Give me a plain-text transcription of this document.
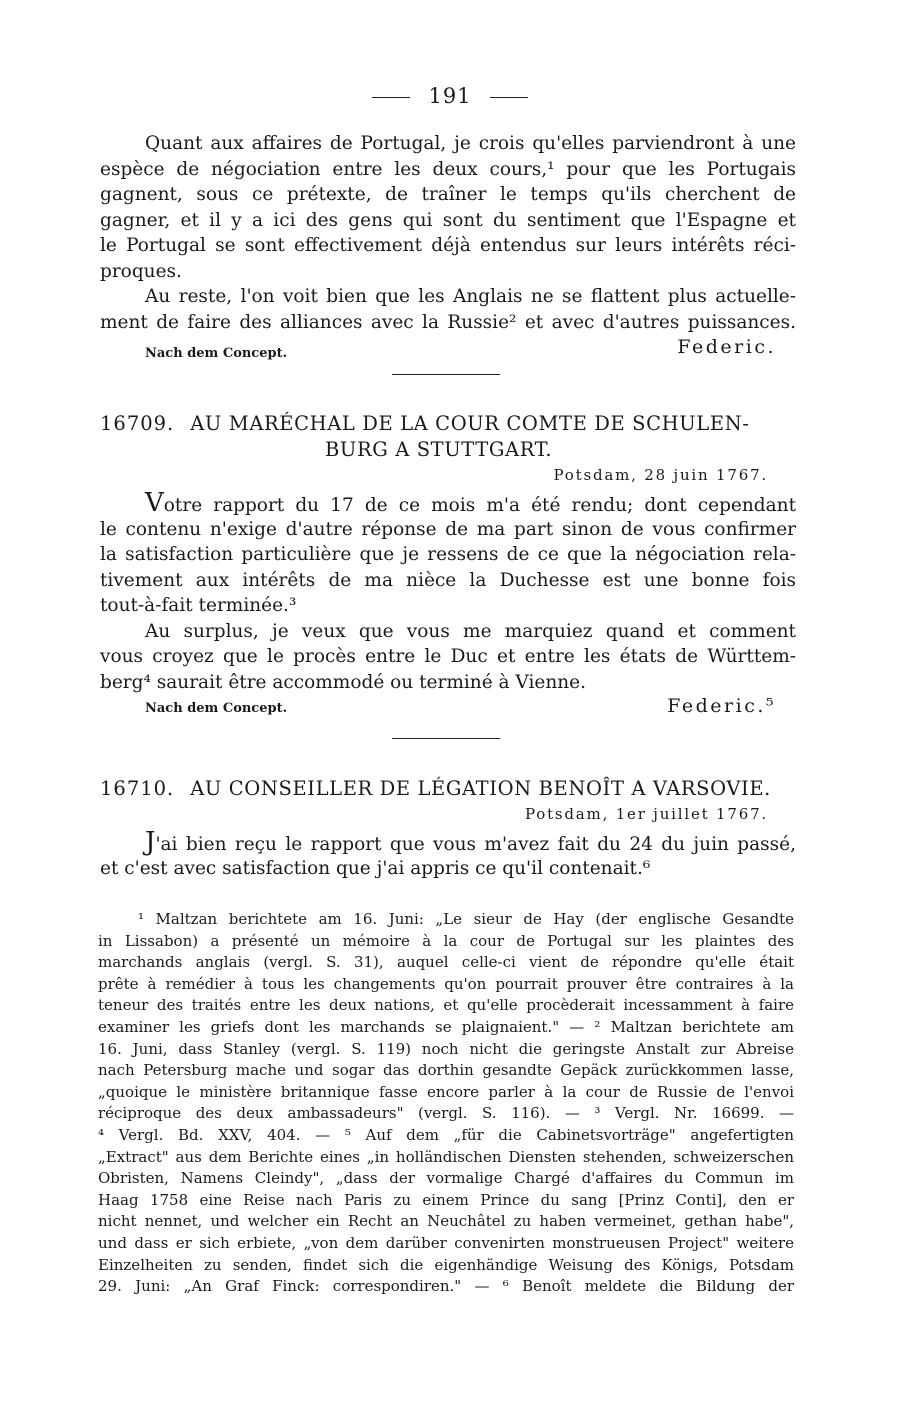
191
Quant aux affaires de Portugal, je crois qu'elles parviendront à une
espèce de négociation entre les deux cours,¹ pour que les Portugais
gagnent, sous ce prétexte, de traîner le temps qu'ils cherchent de
gagner, et il y a ici des gens qui sont du sentiment que l'Espagne et
le Portugal se sont effectivement déjà entendus sur leurs intérêts réci-
proques.
Au reste, l'on voit bien que les Anglais ne se flattent plus actuelle-
ment de faire des alliances avec la Russie² et avec d'autres puissances.
Nach dem Concept.	Federic.
16709. AU MARÉCHAL DE LA COUR COMTE DE SCHULEN-
BURG A STUTTGART.
Potsdam, 28 juin 1767.
Votre rapport du 17 de ce mois m'a été rendu; dont cependant
le contenu n'exige d'autre réponse de ma part sinon de vous confirmer
la satisfaction particulière que je ressens de ce que la négociation rela-
tivement aux intérêts de ma nièce la Duchesse est une bonne fois
tout-à-fait terminée.³
Au surplus, je veux que vous me marquiez quand et comment
vous croyez que le procès entre le Duc et entre les états de Württem-
berg⁴ saurait être accommodé ou terminé à Vienne.
Nach dem Concept.	Federic.⁵
16710. AU CONSEILLER DE LÉGATION BENOÎT A VARSOVIE.
Potsdam, 1er juillet 1767.
J'ai bien reçu le rapport que vous m'avez fait du 24 du juin passé,
et c'est avec satisfaction que j'ai appris ce qu'il contenait.⁶
¹ Maltzan berichtete am 16. Juni: „Le sieur de Hay (der englische Gesandte
in Lissabon) a présenté un mémoire à la cour de Portugal sur les plaintes des
marchands anglais (vergl. S. 31), auquel celle-ci vient de répondre qu'elle était
prête à remédier à tous les changements qu'on pourrait prouver être contraires à la
teneur des traités entre les deux nations, et qu'elle procèderait incessamment à faire
examiner les griefs dont les marchands se plaignaient." — ² Maltzan berichtete am
16. Juni, dass Stanley (vergl. S. 119) noch nicht die geringste Anstalt zur Abreise
nach Petersburg mache und sogar das dorthin gesandte Gepäck zurückkommen lasse,
„quoique le ministère britannique fasse encore parler à la cour de Russie de l'envoi
réciproque des deux ambassadeurs" (vergl. S. 116). — ³ Vergl. Nr. 16699. —
⁴ Vergl. Bd. XXV, 404. — ⁵ Auf dem „für die Cabinetsvorträge" angefertigten
„Extract" aus dem Berichte eines „in holländischen Diensten stehenden, schweizerschen
Obristen, Namens Cleindy", „dass der vormalige Chargé d'affaires du Commun im
Haag 1758 eine Reise nach Paris zu einem Prince du sang [Prinz Conti], den er
nicht nennet, und welcher ein Recht an Neuchâtel zu haben vermeinet, gethan habe",
und dass er sich erbiete, „von dem darüber convenirten monstrueusen Project" weitere
Einzelheiten zu senden, findet sich die eigenhändige Weisung des Königs, Potsdam
29. Juni: „An Graf Finck: correspondiren." — ⁶ Benoît meldete die Bildung der
